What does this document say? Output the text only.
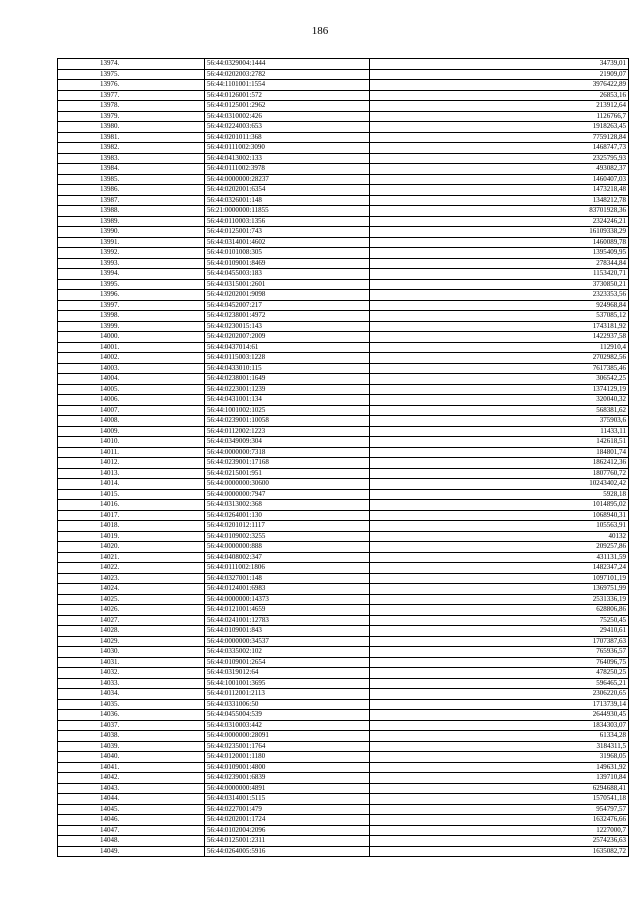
186
13974.	56:44:0329004:1444	34739,01
13975.	56:44:0202003:2782	21909,07
13976.	56:44:1101001:1554	3976422,89
13977.	56:44:0126001:572	26853,16
13978.	56:44:0125001:2962	213912,64
13979.	56:44:0310002:426	1126766,7
13980.	56:44:0224003:653	1918263,45
13981.	56:44:0201011:368	7759128,84
13982.	56:44:0111002:3090	1468747,73
13983.	56:44:0413002:133	2325795,93
13984.	56:44:0111002:3978	493082,37
13985.	56:44:0000000:28237	1460407,03
13986.	56:44:0202001:6354	1473218,48
13987.	56:44:0326001:148	1348212,78
13988.	56:21:0000000:11855	83701928,36
13989.	56:44:0110003:1356	2324246,21
13990.	56:44:0125001:743	16109338,29
13991.	56:44:0314001:4602	1460089,78
13992.	56:44:0101008:305	1395409,95
13993.	56:44:0109001:8469	278344,84
13994.	56:44:0455003:183	1153420,71
13995.	56:44:0315001:2601	3730850,21
13996.	56:44:0202001:9098	2323353,56
13997.	56:44:0452007:217	924968,84
13998.	56:44:0238001:4972	537085,12
13999.	56:44:0230015:143	1743181,92
14000.	56:44:0202007:2009	1422937,58
14001.	56:44:0437014:61	112910,4
14002.	56:44:0115003:1228	2702982,56
14003.	56:44:0433010:115	7617385,46
14004.	56:44:0238001:1649	306542,25
14005.	56:44:0223001:1239	1374129,19
14006.	56:44:0431001:134	320040,32
14007.	56:44:1001002:1025	568381,62
14008.	56:44:0239001:10058	375903,6
14009.	56:44:0112002:1223	11433,11
14010.	56:44:0349009:304	142618,51
14011.	56:44:0000000:7318	184801,74
14012.	56:44:0239001:17168	1862412,36
14013.	56:44:0215001:951	1807760,72
14014.	56:44:0000000:30600	10243402,42
14015.	56:44:0000000:7947	5928,18
14016.	56:44:0313002:368	1014895,02
14017.	56:44:0264001:130	1068940,31
14018.	56:44:0201012:1117	105563,91
14019.	56:44:0109002:3255	40132
14020.	56:44:0000000:888	209257,86
14021.	56:44:0408002:347	431131,59
14022.	56:44:0111002:1806	1482347,24
14023.	56:44:0327001:148	1097101,19
14024.	56:44:0124001:6983	1369751,99
14025.	56:44:0000000:14373	2531336,19
14026.	56:44:0121001:4659	628806,86
14027.	56:44:0241001:12783	75250,45
14028.	56:44:0109001:843	29410,61
14029.	56:44:0000000:34537	1707387,63
14030.	56:44:0335002:102	765936,57
14031.	56:44:0109001:2654	764096,75
14032.	56:44:0319012:64	478250,25
14033.	56:44:1001001:3695	596465,21
14034.	56:44:0112001:2113	2306220,65
14035.	56:44:0331006:50	1713739,14
14036.	56:44:0455004:539	2644930,45
14037.	56:44:0310003:442	1834303,07
14038.	56:44:0000000:28091	61334,28
14039.	56:44:0235001:1764	3184311,5
14040.	56:44:0120001:1180	31968,05
14041.	56:44:0109001:4800	149631,92
14042.	56:44:0239001:6839	139710,84
14043.	56:44:0000000:4891	6294688,41
14044.	56:44:0314001:5115	1570541,18
14045.	56:44:0227001:479	954797,57
14046.	56:44:0202001:1724	1632476,66
14047.	56:44:0102004:2096	1227000,7
14048.	56:44:0125001:2311	2574236,63
14049.	56:44:0264005:5916	1635082,72
